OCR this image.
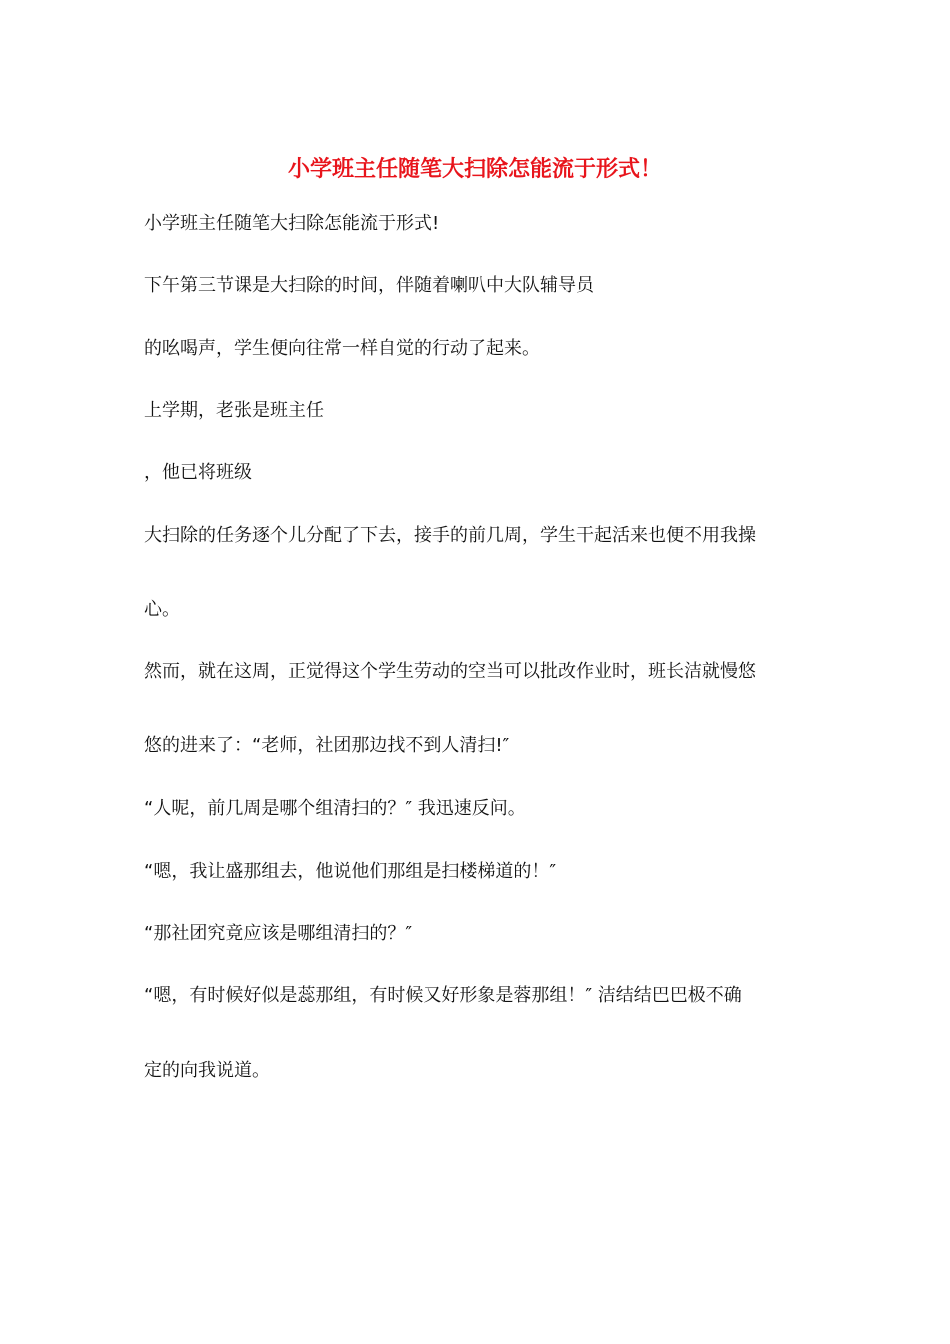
小学班主任随笔大扫除怎能流于形式！
小学班主任随笔大扫除怎能流于形式!
下午第三节课是大扫除的时间，伴随着喇叭中大队辅导员
的吆喝声，学生便向往常一样自觉的行动了起来。
上学期，老张是班主任
，他已将班级
大扫除的任务逐个儿分配了下去，接手的前几周，学生干起活来也便不用我操
心。
然而，就在这周，正觉得这个学生劳动的空当可以批改作业时，班长洁就慢悠
悠的进来了：“老师，社团那边找不到人清扫!″
“人呢，前几周是哪个组清扫的？″ 我迅速反问。
“嗯，我让盛那组去，他说他们那组是扫楼梯道的！″
“那社团究竟应该是哪组清扫的？″
“嗯，有时候好似是蕊那组，有时候又好形象是蓉那组！″ 洁结结巴巴极不确
定的向我说道。
